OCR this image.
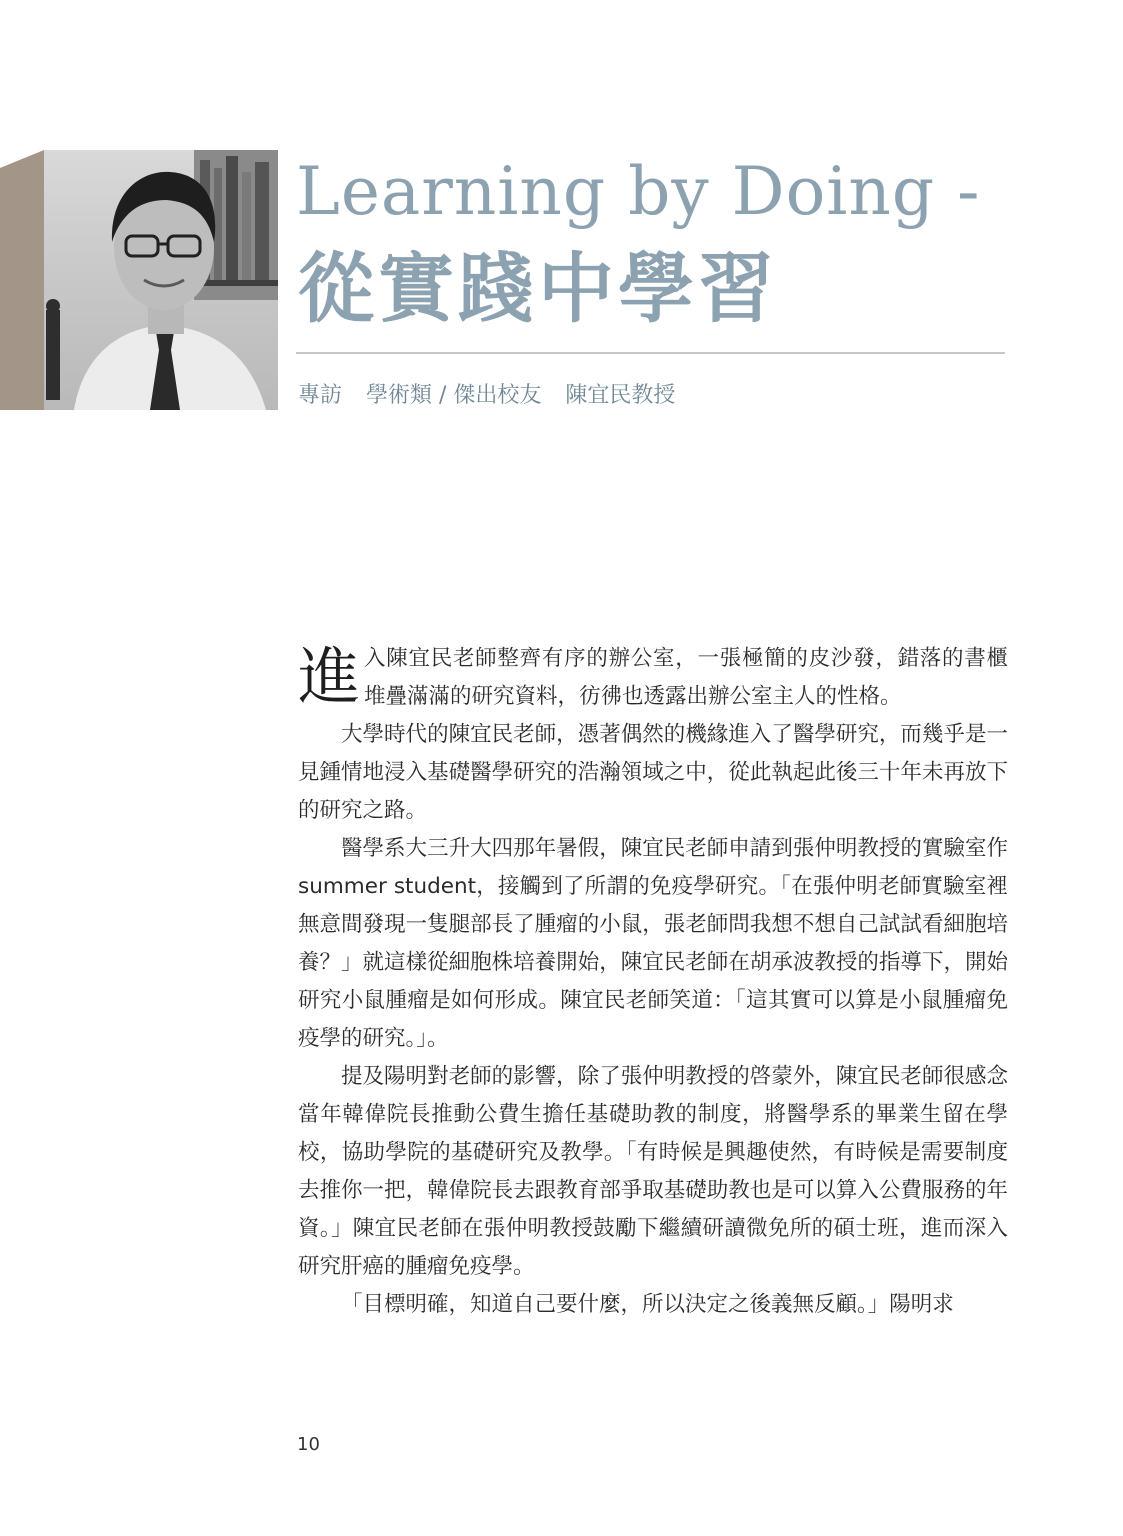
Learning by Doing -
從實踐中學習

專訪 學術類 / 傑出校友 陳宜民教授

進入陳宜民老師整齊有序的辦公室，一張極簡的皮沙發，錯落的書櫃堆疊滿滿的研究資料，彷彿也透露出辦公室主人的性格。

大學時代的陳宜民老師，憑著偶然的機緣進入了醫學研究，而幾乎是一見鍾情地浸入基礎醫學研究的浩瀚領域之中，從此執起此後三十年未再放下的研究之路。

醫學系大三升大四那年暑假，陳宜民老師申請到張仲明教授的實驗室作summer student，接觸到了所謂的免疫學研究。「在張仲明老師實驗室裡無意間發現一隻腿部長了腫瘤的小鼠，張老師問我想不想自己試試看細胞培養？」就這樣從細胞株培養開始，陳宜民老師在胡承波教授的指導下，開始研究小鼠腫瘤是如何形成。陳宜民老師笑道：「這其實可以算是小鼠腫瘤免疫學的研究。」。

提及陽明對老師的影響，除了張仲明教授的啓蒙外，陳宜民老師很感念當年韓偉院長推動公費生擔任基礎助教的制度，將醫學系的畢業生留在學校，協助學院的基礎研究及教學。「有時候是興趣使然，有時候是需要制度去推你一把，韓偉院長去跟教育部爭取基礎助教也是可以算入公費服務的年資。」陳宜民老師在張仲明教授鼓勵下繼續研讀微免所的碩士班，進而深入研究肝癌的腫瘤免疫學。

「目標明確，知道自己要什麼，所以決定之後義無反顧。」陽明求

10
